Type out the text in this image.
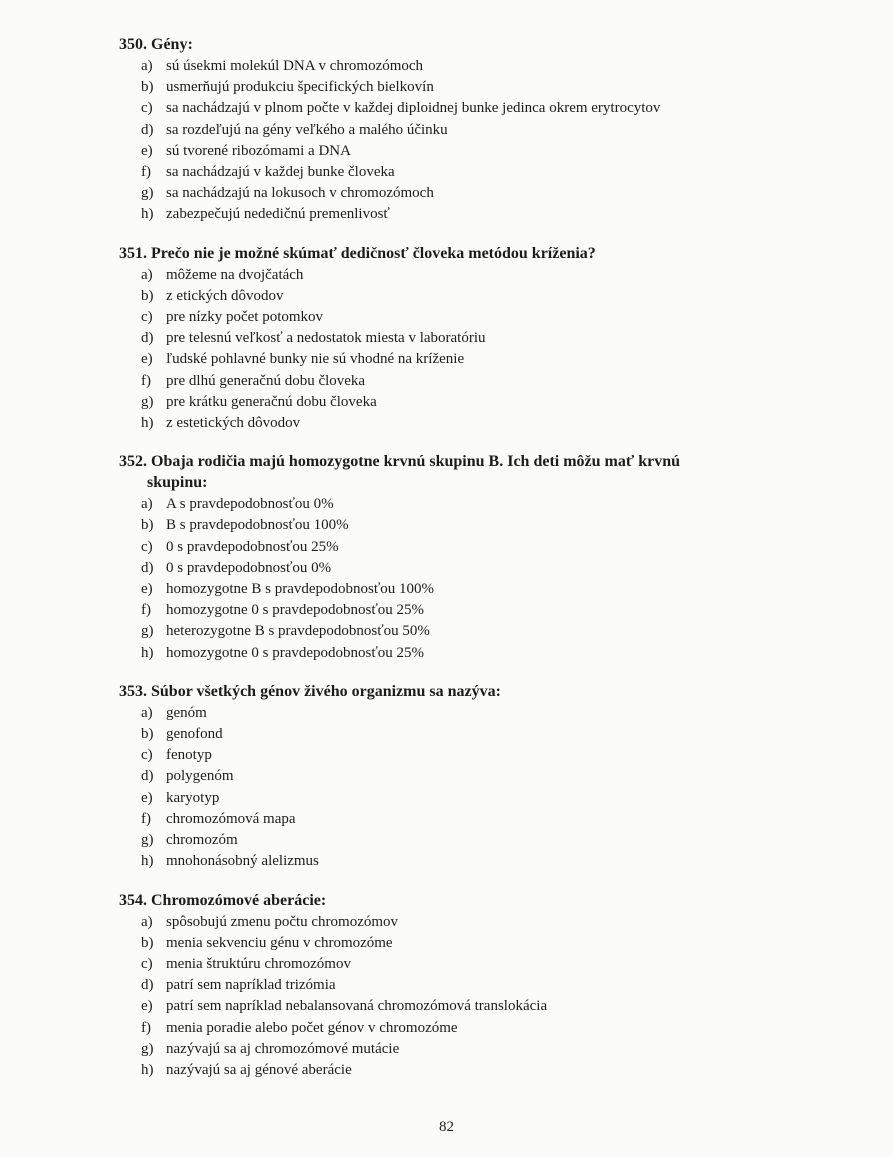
350. Gény:
a) sú úsekmi molekúl DNA v chromozómoch
b) usmerňujú produkciu špecifických bielkovín
c) sa nachádzajú v plnom počte v každej diploidnej bunke jedinca okrem erytrocytov
d) sa rozdeľujú na gény veľkého a malého účinku
e) sú tvorené ribozómami a DNA
f) sa nachádzajú v každej bunke človeka
g) sa nachádzajú na lokusoch v chromozómoch
h) zabezpečujú nededičnú premenlivosť
351. Prečo nie je možné skúmať dedičnosť človeka metódou kríženia?
a) môžeme na dvojčatách
b) z etických dôvodov
c) pre nízky počet potomkov
d) pre telesnú veľkosť a nedostatok miesta v laboratóriu
e) ľudské pohlavné bunky nie sú vhodné na kríženie
f) pre dlhú generačnú dobu človeka
g) pre krátku generačnú dobu človeka
h) z estetických dôvodov
352. Obaja rodičia majú homozygotne krvnú skupinu B. Ich deti môžu mať krvnú
skupinu:
a) A s pravdepodobnosťou 0%
b) B s pravdepodobnosťou 100%
c) 0 s pravdepodobnosťou 25%
d) 0 s pravdepodobnosťou 0%
e) homozygotne B s pravdepodobnosťou 100%
f) homozygotne 0 s pravdepodobnosťou 25%
g) heterozygotne B s pravdepodobnosťou 50%
h) homozygotne 0 s pravdepodobnosťou 25%
353. Súbor všetkých génov živého organizmu sa nazýva:
a) genóm
b) genofond
c) fenotyp
d) polygenóm
e) karyotyp
f) chromozómová mapa
g) chromozóm
h) mnohonásobný alelizmus
354. Chromozómové aberácie:
a) spôsobujú zmenu počtu chromozómov
b) menia sekvenciu génu v chromozóme
c) menia štruktúru chromozómov
d) patrí sem napríklad trizómia
e) patrí sem napríklad nebalansovaná chromozómová translokácia
f) menia poradie alebo počet génov v chromozóme
g) nazývajú sa aj chromozómové mutácie
h) nazývajú sa aj génové aberácie
82
